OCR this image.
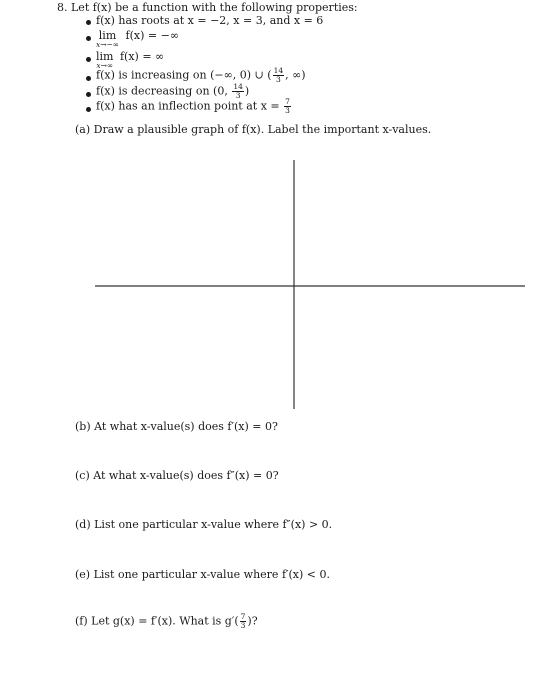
8. Let f(x) be a function with the following properties:
f(x) has roots at x = −2, x = 3, and x = 6
lim
x→−∞
f(x) = −∞
lim
x→∞
f(x) = ∞
f(x) is increasing on (−∞, 0) ∪ ( $\frac{14}{3}$ , ∞)
f(x) is decreasing on (0, $\frac{14}{3}$ )
f(x) has an inflection point at $x = \frac{7}{3}$
(a) Draw a plausible graph of f(x). Label the important x-values.
(b) At what x-value(s) does f′(x) = 0?
(c) At what x-value(s) does f″(x) = 0?
(d) List one particular x-value where f″(x) > 0.
(e) List one particular x-value where f′(x) < 0.
(f) Let g(x) = f′(x). What is $g'( \frac{7}{3}$ )?
